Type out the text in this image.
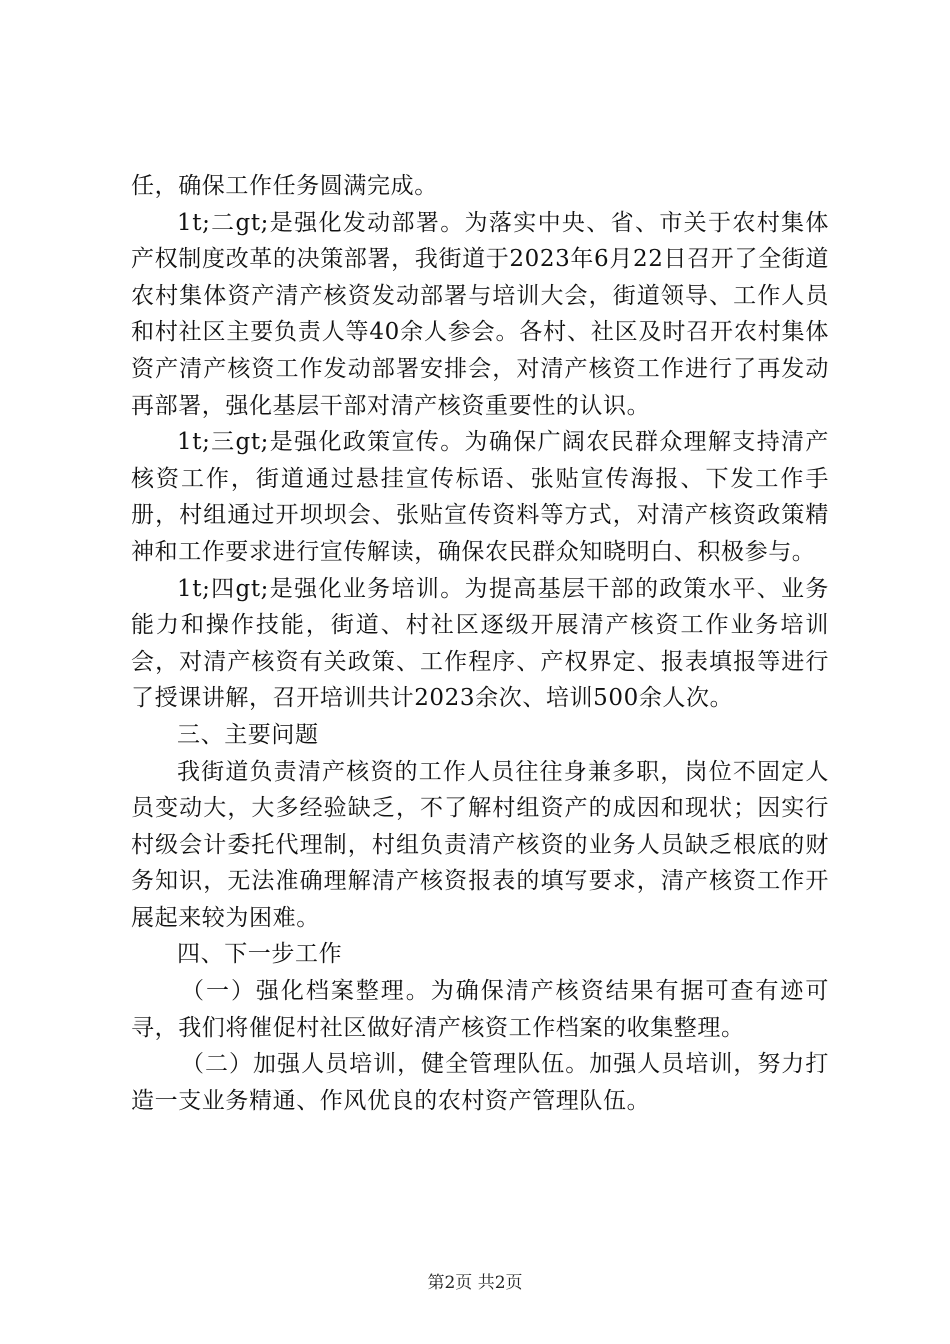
任，确保工作任务圆满完成。

1t;二gt;是强化发动部署。为落实中央、省、市关于农村集体产权制度改革的决策部署，我街道于2023年6月22日召开了全街道农村集体资产清产核资发动部署与培训大会，街道领导、工作人员和村社区主要负责人等40余人参会。各村、社区及时召开农村集体资产清产核资工作发动部署安排会，对清产核资工作进行了再发动再部署，强化基层干部对清产核资重要性的认识。

1t;三gt;是强化政策宣传。为确保广阔农民群众理解支持清产核资工作，街道通过悬挂宣传标语、张贴宣传海报、下发工作手册，村组通过开坝坝会、张贴宣传资料等方式，对清产核资政策精神和工作要求进行宣传解读，确保农民群众知晓明白、积极参与。

1t;四gt;是强化业务培训。为提高基层干部的政策水平、业务能力和操作技能，街道、村社区逐级开展清产核资工作业务培训会，对清产核资有关政策、工作程序、产权界定、报表填报等进行了授课讲解，召开培训共计2023余次、培训500余人次。

三、主要问题

我街道负责清产核资的工作人员往往身兼多职，岗位不固定人员变动大，大多经验缺乏，不了解村组资产的成因和现状；因实行村级会计委托代理制，村组负责清产核资的业务人员缺乏根底的财务知识，无法准确理解清产核资报表的填写要求，清产核资工作开展起来较为困难。

四、下一步工作

（一）强化档案整理。为确保清产核资结果有据可查有迹可寻，我们将催促村社区做好清产核资工作档案的收集整理。

（二）加强人员培训，健全管理队伍。加强人员培训，努力打造一支业务精通、作风优良的农村资产管理队伍。

第2页 共2页
